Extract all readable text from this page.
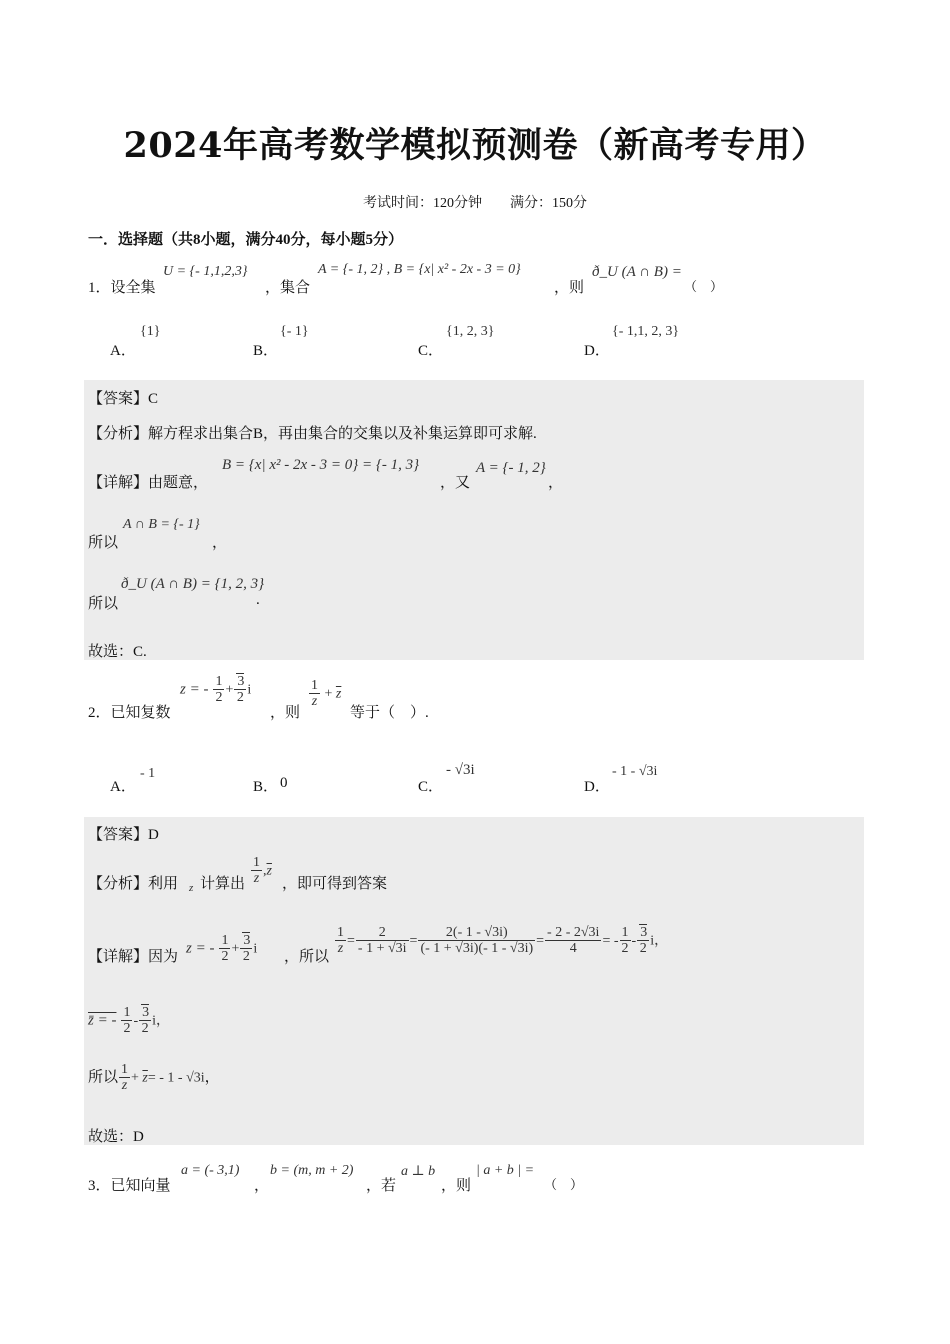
2024年高考数学模拟预测卷（新高考专用）
考试时间：120分钟　　满分：150分
一．选择题（共8小题，满分40分，每小题5分）
1．设全集
U = {- 1,1,2,3}
，集合
A = {- 1, 2} , B = {x| x² - 2x - 3 = 0}
，则
ð_U (A ∩ B) =
（　）
A．
{1}
B．
{- 1}
C．
{1, 2, 3}
D．
{- 1,1, 2, 3}
【答案】C
【分析】解方程求出集合B，再由集合的交集以及补集运算即可求解.
【详解】由题意，
B = {x| x² - 2x - 3 = 0} = {- 1, 3}
，又
A = {- 1, 2}
，
所以
A ∩ B = {- 1}
，
所以
ð_U (A ∩ B) = {1, 2, 3}
.
故选：C.
2．已知复数
z = - $\frac{1}{2} + \frac{3}{2}$ i
，则
$\frac{1}{z} + \overline{z}$
等于（　）.
A．
- 1
B． 0	C．
- √3i
D．
- 1 - √3i
【答案】D
【分析】利用 z 计算出 $\frac{1}{z} ,\overline{z}$
，即可得到答案
【详解】因为
z = - $\frac{1}{2} + \frac{3}{2}$ i ，所以
$\frac{1}{z} = \frac{2}{- 1 + √3i} = \frac{2(- 1 - √3i)}{(- 1 + √3i)(- 1 - √3i)} = \frac{- 2 - 2√3i}{4}$ = - $\frac{1}{2} - \frac{3}{2}$ i，
z̄ = - $\frac{1}{2} - \frac{3}{2}$ i，
所以 $\frac{1}{z} + \overline{z}= - 1 - √3i$，
故选：D
3．已知向量
a = (- 3,1)
，
b = (m, m + 2)
，若
a ⊥ b
，则
| a + b | =
（　）
